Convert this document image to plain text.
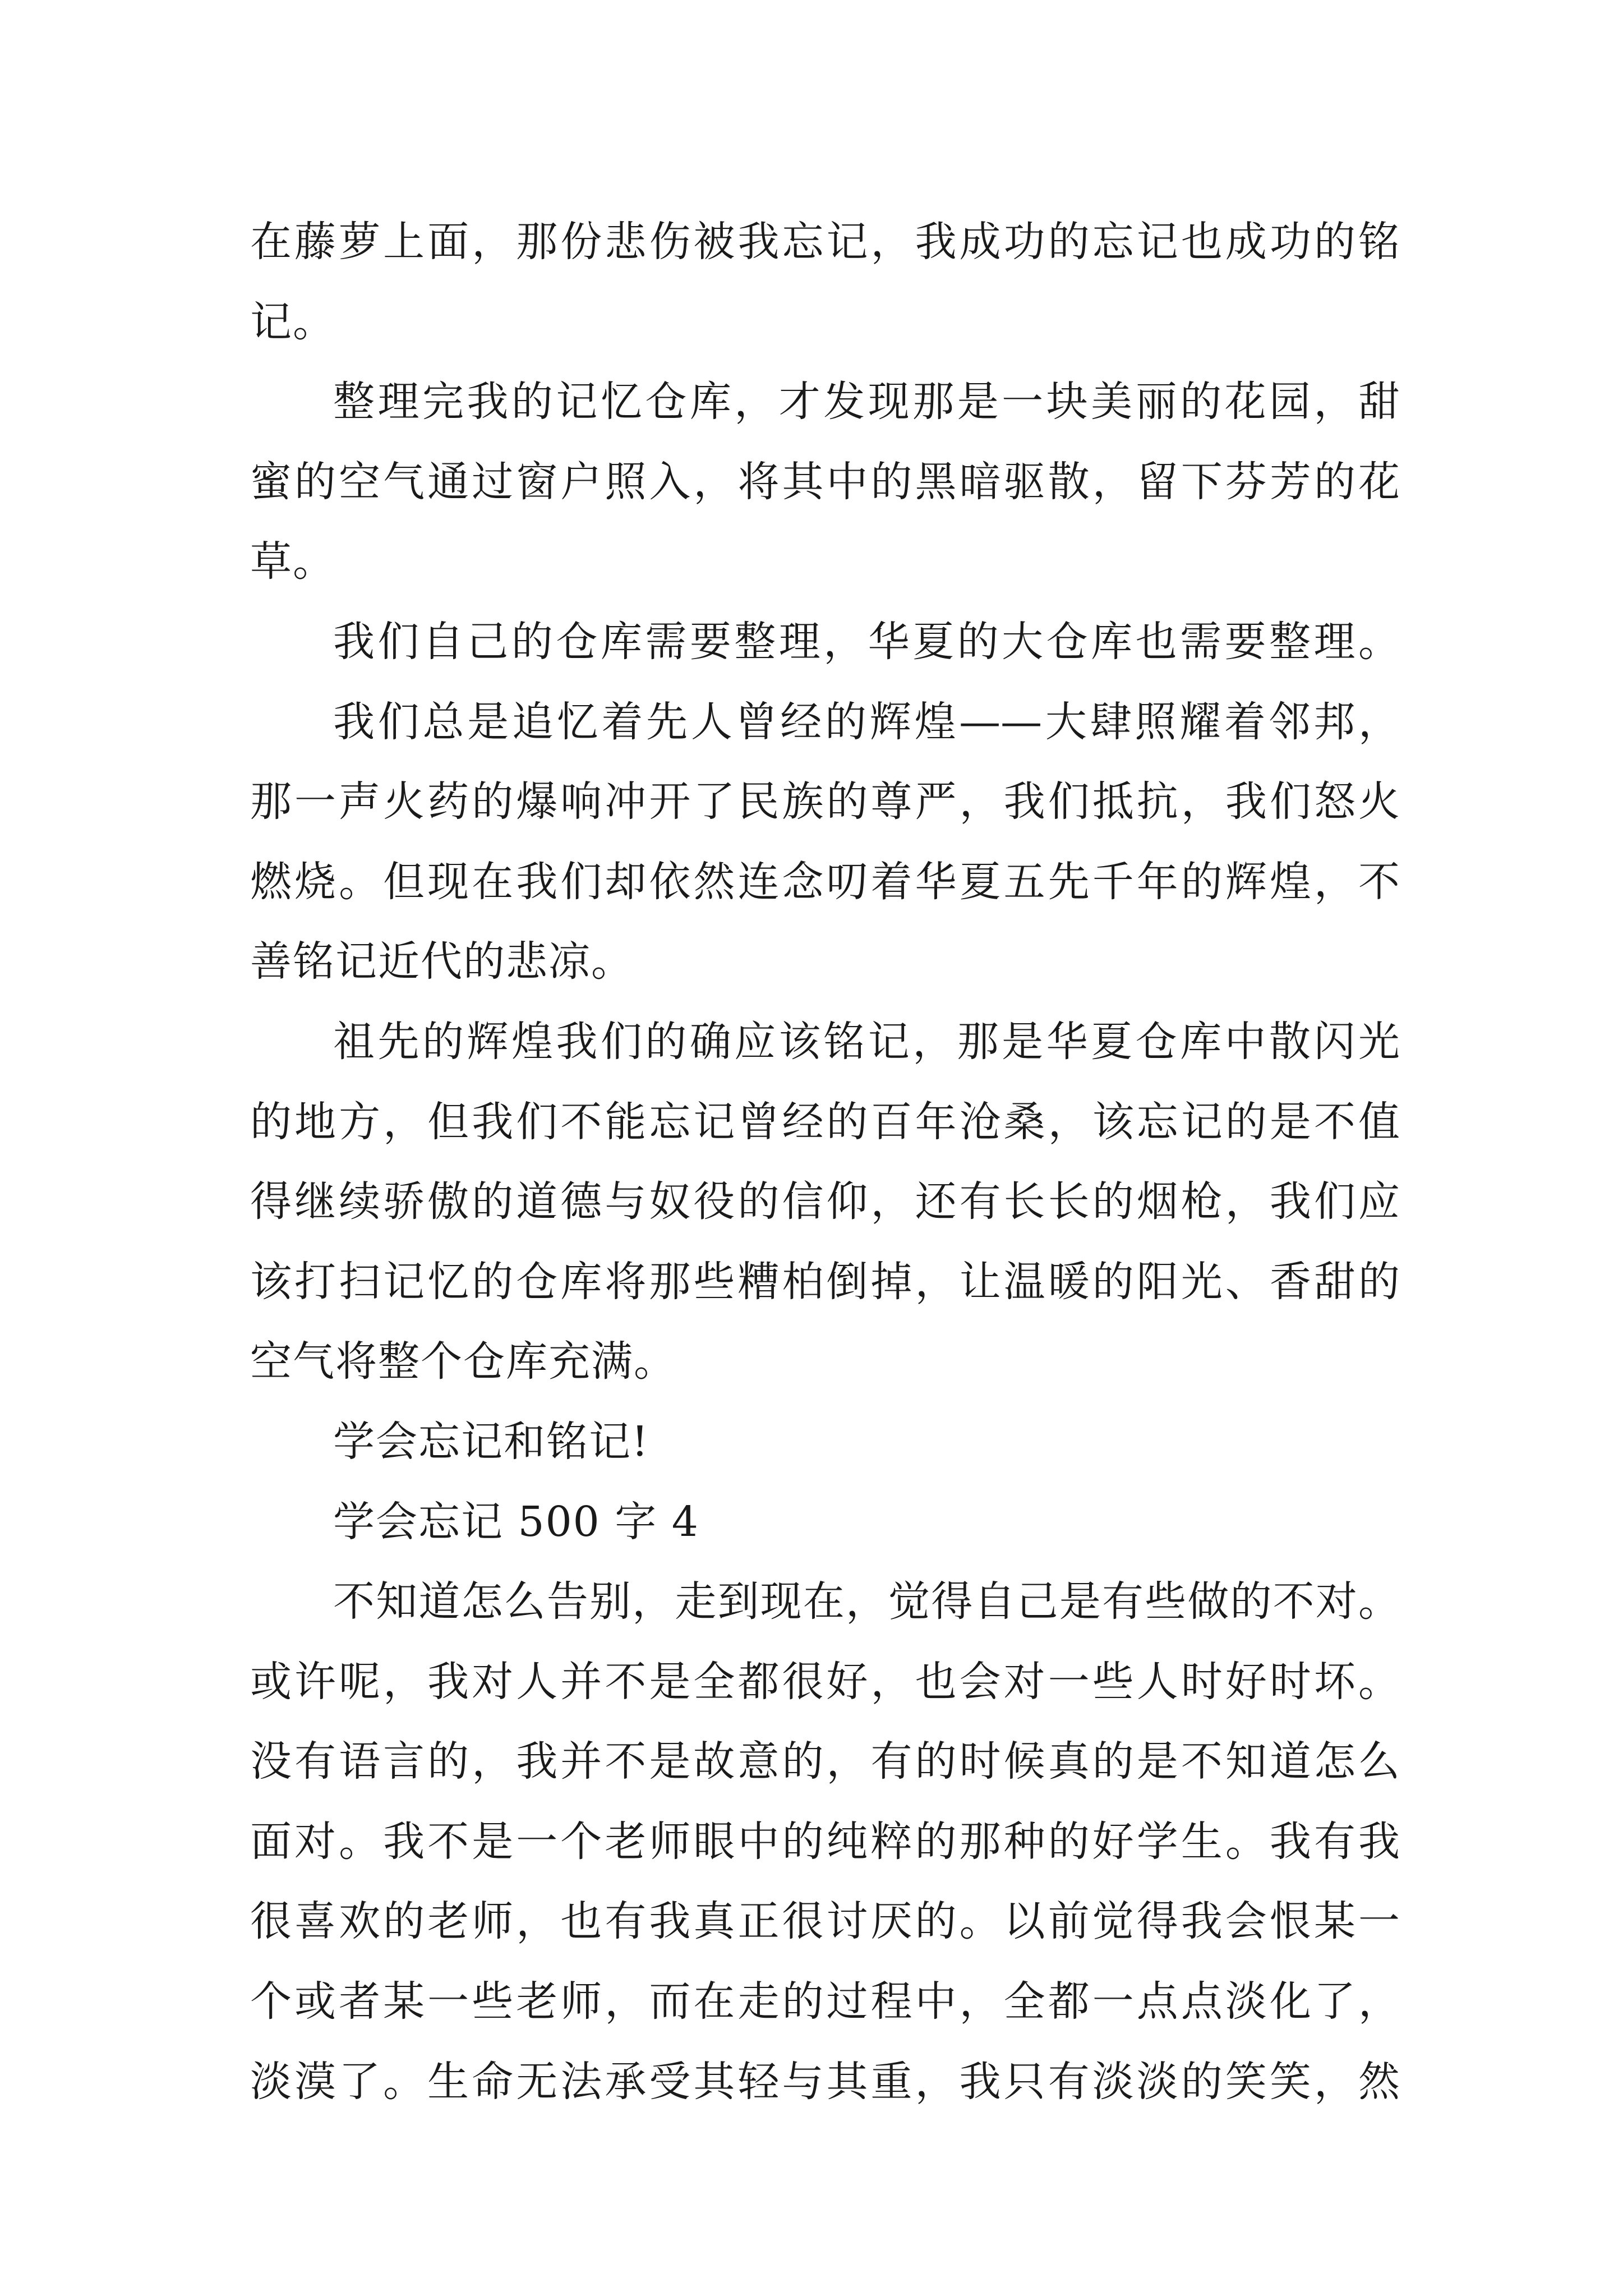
在藤萝上面，那份悲伤被我忘记，我成功的忘记也成功的铭
记。
整理完我的记忆仓库，才发现那是一块美丽的花园，甜
蜜的空气通过窗户照入，将其中的黑暗驱散，留下芬芳的花
草。
我们自己的仓库需要整理，华夏的大仓库也需要整理。
我们总是追忆着先人曾经的辉煌——大肆照耀着邻邦，
那一声火药的爆响冲开了民族的尊严，我们抵抗，我们怒火
燃烧。但现在我们却依然连念叨着华夏五先千年的辉煌，不
善铭记近代的悲凉。
祖先的辉煌我们的确应该铭记，那是华夏仓库中散闪光
的地方，但我们不能忘记曾经的百年沧桑，该忘记的是不值
得继续骄傲的道德与奴役的信仰，还有长长的烟枪，我们应
该打扫记忆的仓库将那些糟柏倒掉，让温暖的阳光、香甜的
空气将整个仓库充满。
学会忘记和铭记!
学会忘记 500 字 4
不知道怎么告别，走到现在，觉得自己是有些做的不对。
或许呢，我对人并不是全都很好，也会对一些人时好时坏。
没有语言的，我并不是故意的，有的时候真的是不知道怎么
面对。我不是一个老师眼中的纯粹的那种的好学生。我有我
很喜欢的老师，也有我真正很讨厌的。以前觉得我会恨某一
个或者某一些老师，而在走的过程中，全都一点点淡化了，
淡漠了。生命无法承受其轻与其重，我只有淡淡的笑笑，然
